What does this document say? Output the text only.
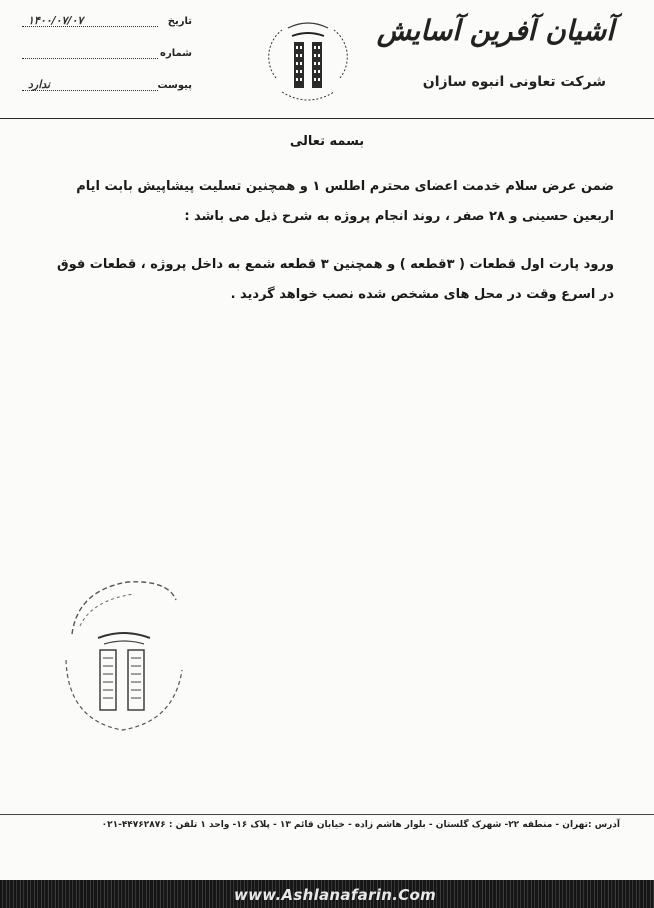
آشیان آفرین آسایش
شرکت تعاونی انبوه سازان
تاریخ
۱۴۰۰/۰۷/۰۷
شماره
پیوست
ندارد
بسمه تعالی
ضمن عرض سلام خدمت اعضای محترم اطلس ۱ و همچنین تسلیت پیشاپیش بابت ایام اربعین حسینی و ۲۸ صفر ، روند انجام پروژه به شرح ذیل می باشد :
ورود پارت اول قطعات ( ۳قطعه ) و همچنین ۳ قطعه شمع به داخل پروژه ، قطعات فوق در اسرع وقت در محل های مشخص شده نصب خواهد گردید .
آدرس :تهران - منطقه ۲۲- شهرک گلستان - بلوار هاشم زاده - خیابان قائم ۱۳ - پلاک ۱۶- واحد ۱ تلفن : ۴۴۷۶۲۸۷۶-۰۲۱
www.Ashlanafarin.Com
